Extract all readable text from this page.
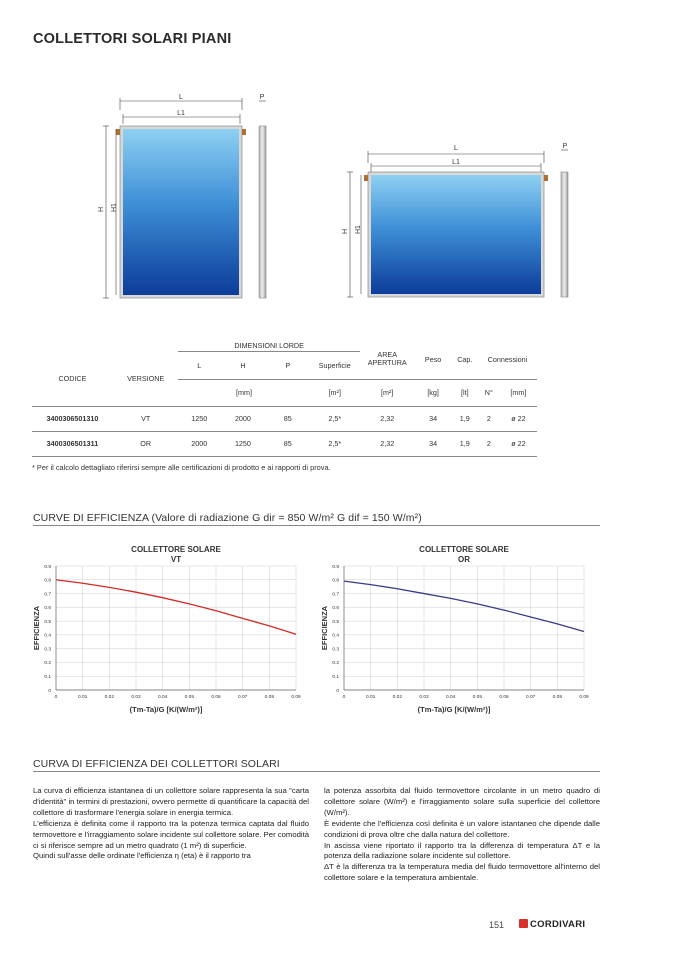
COLLETTORI SOLARI PIANI
L
L1
P
H H1
L
L1
P
H H1
		DIMENSIONI LORDE				AREA APERTURA	Peso	Cap.	Connessioni	
CODICE	VERSIONE	L	H	P	Superficie					
		[mm]			[m²]	[m²]	[kg]	[lt]	N°	[mm]
3400306501310	VT	1250	2000	85	2,5*	2,32	34	1,9	2	ø 22
3400306501311	OR	2000	1250	85	2,5*	2,32	34	1,9	2	ø 22
* Per il calcolo dettagliato riferirsi sempre alle certificazioni di prodotto e ai rapporti di prova.
CURVE DI EFFICIENZA (Valore di radiazione G dir = 850 W/m² G dif = 150 W/m²)
COLLETTORE SOLARE
VT
0
0.1
0.2
0.3
0.4
0.5
0.6
0.7
0.8
0.9
0	0.01	0.02	0.03	0.04	0.05	0.06	0.07	0.08	0.09
EFFICIENZA
(Tm-Ta)/G [K/(W/m²)]
COLLETTORE SOLARE
OR
0
0.1
0.2
0.3
0.4
0.5
0.6
0.7
0.8
0.9
0	0.01	0.02	0.03	0.04	0.05	0.06	0.07	0.08	0.09
EFFICIENZA
(Tm-Ta)/G [K/(W/m²)]
CURVA DI EFFICIENZA DEI COLLETTORI SOLARI
La curva di efficienza istantanea di un collettore solare rappresenta la sua "carta d'identità" in termini di prestazioni, ovvero permette di quantificare la capacità del collettore di trasformare l'energia solare in energia termica.
L'efficienza è definita come il rapporto tra la potenza termica captata dal fluido termovettore e l'irraggiamento solare incidente sul collettore solare. Per comodità ci si riferisce sempre ad un metro quadrato (1 m²) di superficie.
Quindi sull'asse delle ordinate l'efficienza η (eta) è il rapporto tra
la potenza assorbita dal fluido termovettore circolante in un metro quadro di collettore solare (W/m²) e l'irraggiamento solare sulla superficie del collettore (W/m²).
È evidente che l'efficienza così definita è un valore istantaneo che dipende dalle condizioni di prova oltre che dalla natura del collettore.
In ascissa viene riportato il rapporto tra la differenza di temperatura ΔT e la potenza della radiazione solare incidente sul collettore.
ΔT è la differenza tra la temperatura media del fluido termovettore all'interno del collettore solare e la temperatura ambientale.
151	CORDIVARI
